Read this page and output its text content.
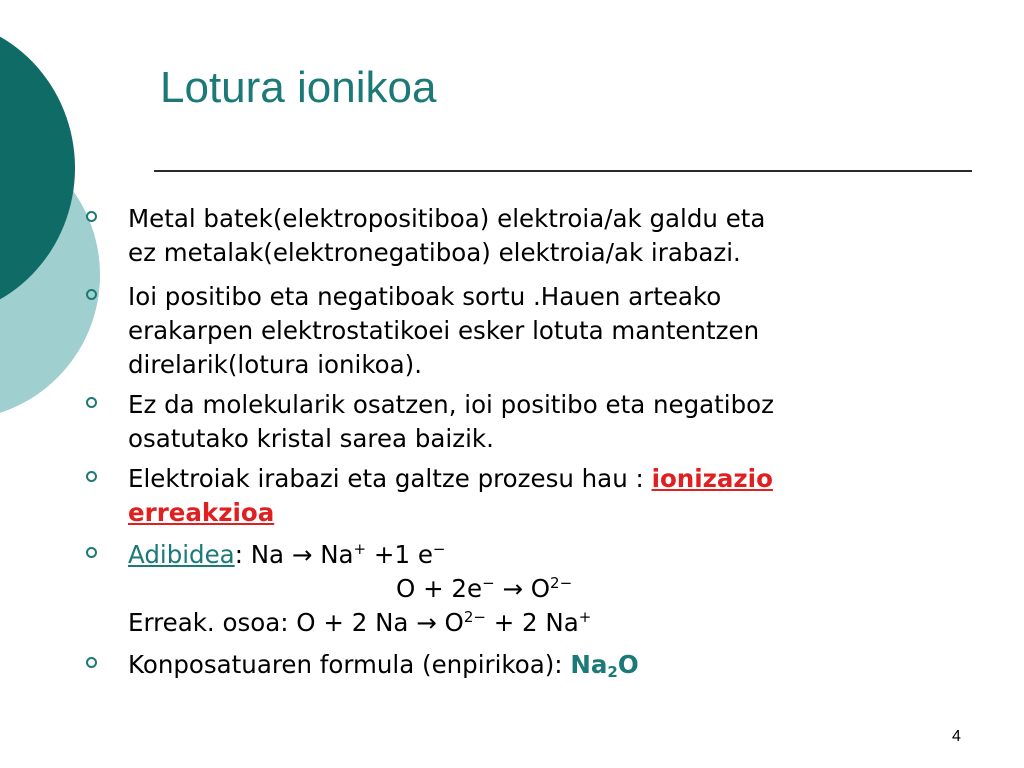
Lotura ionikoa
Metal batek(elektropositiboa) elektroia/ak galdu eta
ez metalak(elektronegatiboa) elektroia/ak irabazi.
Ioi positibo eta negatiboak sortu .Hauen arteako
erakarpen elektrostatikoei esker lotuta mantentzen
direlarik(lotura ionikoa).
Ez da molekularik osatzen, ioi positibo eta negatiboz
osatutako kristal sarea baizik.
Elektroiak irabazi eta galtze prozesu hau : ionizazio
erreakzioa
Adibidea: Na → Na+ +1 e−
$O + 2e^- \to O^{2-}$
Erreak. osoa: O + 2 $Na \to O^{2-} + 2$ Na+
Konposatuaren formula (enpirikoa): $Na_2O$
4
